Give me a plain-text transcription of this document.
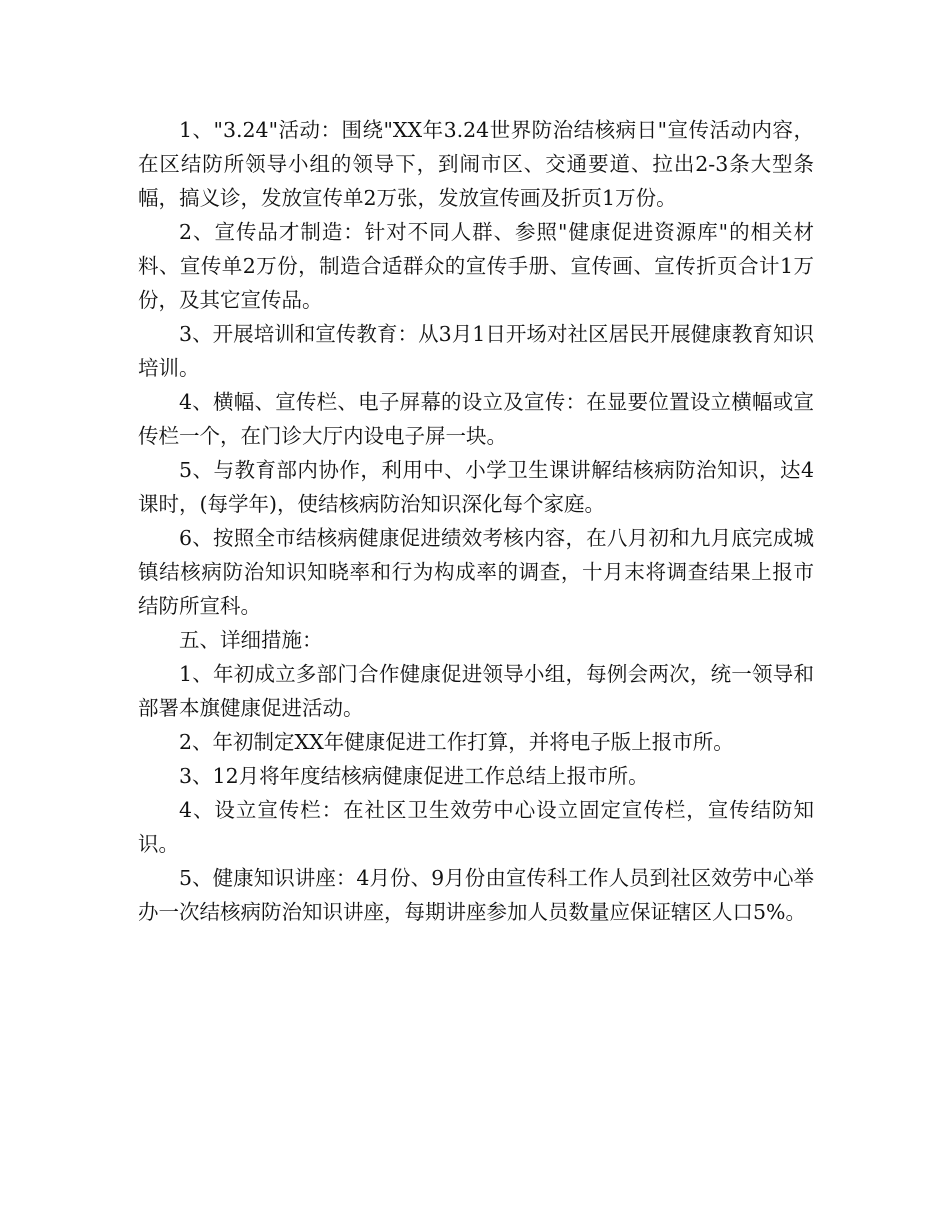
1、"3.24"活动：围绕"XX年3.24世界防治结核病日"宣传活动内容，在区结防所领导小组的领导下，到闹市区、交通要道、拉出2-3条大型条幅，搞义诊，发放宣传单2万张，发放宣传画及折页1万份。

2、宣传品才制造：针对不同人群、参照"健康促进资源库"的相关材料、宣传单2万份，制造合适群众的宣传手册、宣传画、宣传折页合计1万份，及其它宣传品。

3、开展培训和宣传教育：从3月1日开场对社区居民开展健康教育知识培训。

4、横幅、宣传栏、电子屏幕的设立及宣传：在显要位置设立横幅或宣传栏一个，在门诊大厅内设电子屏一块。

5、与教育部内协作，利用中、小学卫生课讲解结核病防治知识，达4课时，(每学年)，使结核病防治知识深化每个家庭。

6、按照全市结核病健康促进绩效考核内容，在八月初和九月底完成城镇结核病防治知识知晓率和行为构成率的调查，十月末将调查结果上报市结防所宣科。

五、详细措施：

1、年初成立多部门合作健康促进领导小组，每例会两次，统一领导和部署本旗健康促进活动。

2、年初制定XX年健康促进工作打算，并将电子版上报市所。

3、12月将年度结核病健康促进工作总结上报市所。

4、设立宣传栏：在社区卫生效劳中心设立固定宣传栏，宣传结防知识。

5、健康知识讲座：4月份、9月份由宣传科工作人员到社区效劳中心举办一次结核病防治知识讲座，每期讲座参加人员数量应保证辖区人口5%。
